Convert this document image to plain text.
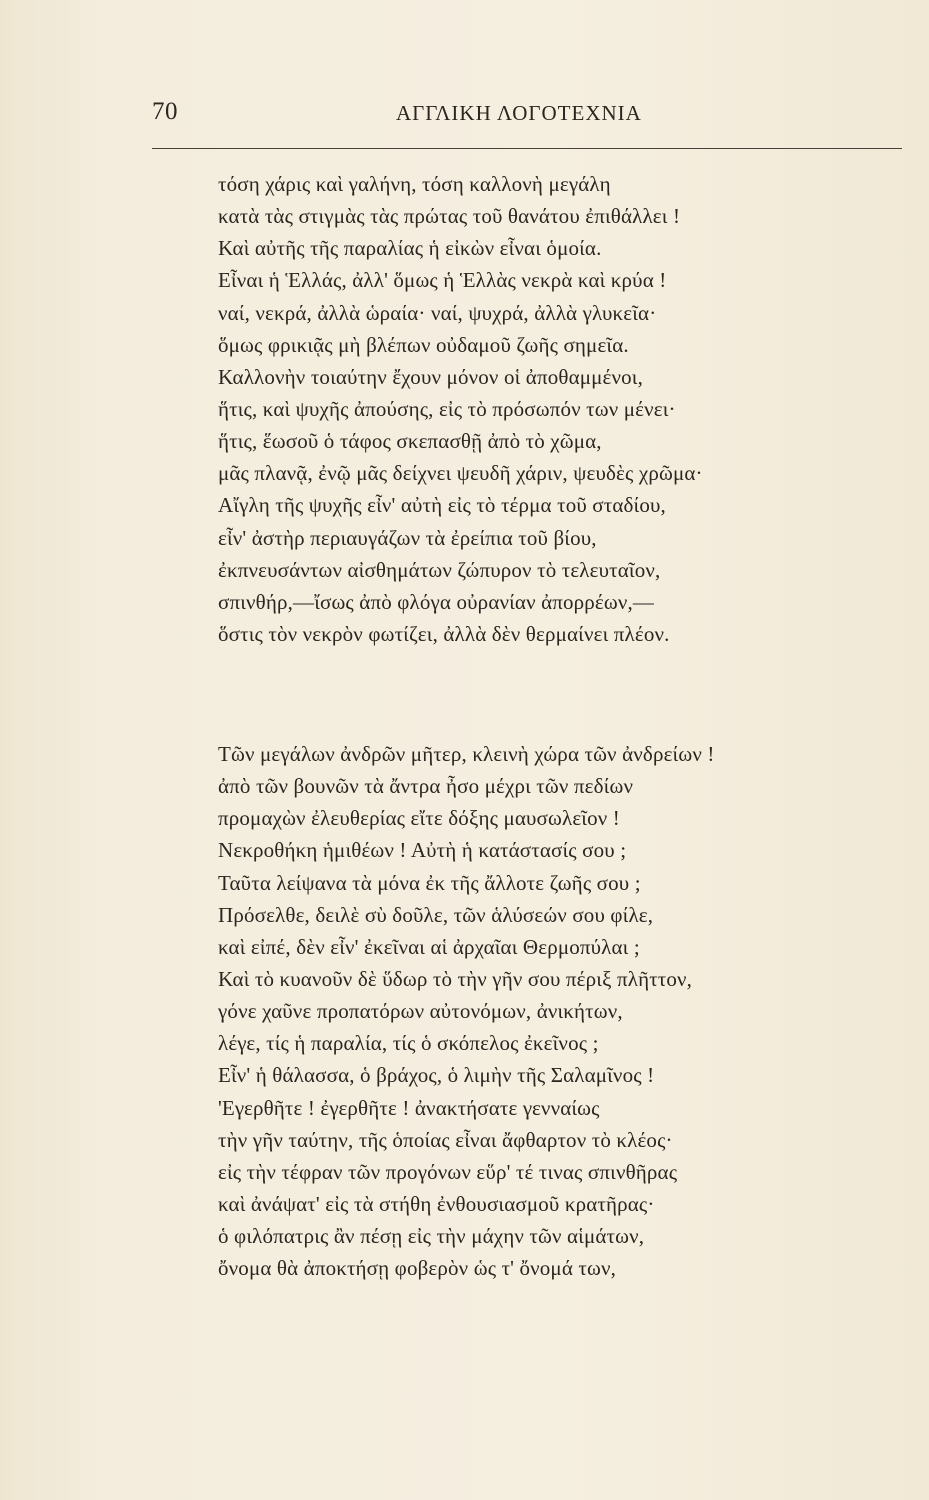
70	ΑΓΓΛΙΚΗ ΛΟΓΟΤΕΧΝΙΑ
τόση χάρις καὶ γαλήνη, τόση καλλονὴ μεγάλη
κατὰ τὰς στιγμὰς τὰς πρώτας τοῦ θανάτου ἐπιθάλλει !
Καὶ αὐτῆς τῆς παραλίας ἡ εἰκὼν εἶναι ὁμοία.
Εἶναι ἡ Ἑλλάς, ἀλλ' ὅμως ἡ Ἑλλὰς νεκρὰ καὶ κρύα !
ναί, νεκρά, ἀλλὰ ὡραία· ναί, ψυχρά, ἀλλὰ γλυκεῖα·
ὅμως φρικιᾷς μὴ βλέπων οὐδαμοῦ ζωῆς σημεῖα.
Καλλονὴν τοιαύτην ἔχουν μόνον οἱ ἀποθαμμένοι,
ἥτις, καὶ ψυχῆς ἀπούσης, εἰς τὸ πρόσωπόν των μένει·
ἥτις, ἕωσοῦ ὁ τάφος σκεπασθῇ ἀπὸ τὸ χῶμα,
μᾶς πλανᾷ, ἐνῷ μᾶς δείχνει ψευδῆ χάριν, ψευδὲς χρῶμα·
Αἴγλη τῆς ψυχῆς εἶν' αὐτὴ εἰς τὸ τέρμα τοῦ σταδίου,
εἶν' ἀστὴρ περιαυγάζων τὰ ἐρείπια τοῦ βίου,
ἐκπνευσάντων αἰσθημάτων ζώπυρον τὸ τελευταῖον,
σπινθήρ,—ἴσως ἀπὸ φλόγα οὐρανίαν ἀπορρέων,—
ὅστις τὸν νεκρὸν φωτίζει, ἀλλὰ δὲν θερμαίνει πλέον.
Τῶν μεγάλων ἀνδρῶν μῆτερ, κλεινὴ χώρα τῶν ἀνδρείων !
ἀπὸ τῶν βουνῶν τὰ ἄντρα ἦσο μέχρι τῶν πεδίων
προμαχὼν ἐλευθερίας εἴτε δόξης μαυσωλεῖον !
Νεκροθήκη ἡμιθέων ! Αὐτὴ ἡ κατάστασίς σου ;
Ταῦτα λείψανα τὰ μόνα ἐκ τῆς ἄλλοτε ζωῆς σου ;
Πρόσελθε, δειλὲ σὺ δοῦλε, τῶν ἁλύσεών σου φίλε,
καὶ εἰπέ, δὲν εἶν' ἐκεῖναι αἱ ἀρχαῖαι Θερμοπύλαι ;
Καὶ τὸ κυανοῦν δὲ ὕδωρ τὸ τὴν γῆν σου πέριξ πλῆττον,
γόνε χαῦνε προπατόρων αὐτονόμων, ἀνικήτων,
λέγε, τίς ἡ παραλία, τίς ὁ σκόπελος ἐκεῖνος ;
Εἶν' ἡ θάλασσα, ὁ βράχος, ὁ λιμὴν τῆς Σαλαμῖνος !
'Εγερθῆτε ! ἐγερθῆτε ! ἀνακτήσατε γενναίως
τὴν γῆν ταύτην, τῆς ὁποίας εἶναι ἄφθαρτον τὸ κλέος·
εἰς τὴν τέφραν τῶν προγόνων εὕρ' τέ τινας σπινθῆρας
καὶ ἀνάψατ' εἰς τὰ στήθη ἐνθουσιασμοῦ κρατῆρας·
ὁ φιλόπατρις ἂν πέσῃ εἰς τὴν μάχην τῶν αἱμάτων,
ὄνομα θὰ ἀποκτήσῃ φοβερὸν ὡς τ' ὄνομά των,
